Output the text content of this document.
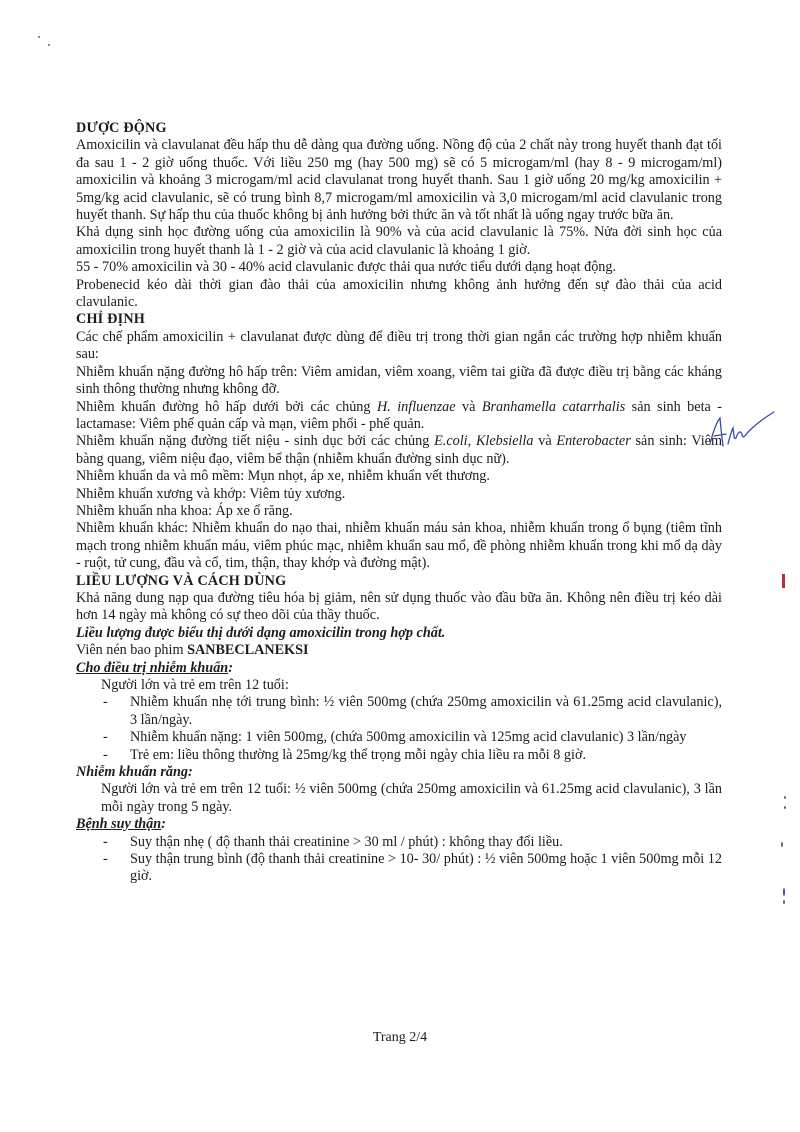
DƯỢC ĐỘNG

Amoxicilin và clavulanat đều hấp thu dễ dàng qua đường uống. Nồng độ của 2 chất này trong huyết thanh đạt tối đa sau 1 - 2 giờ uống thuốc. Với liều 250 mg (hay 500 mg) sẽ có 5 microgam/ml (hay 8 - 9 microgam/ml) amoxicilin và khoảng 3 microgam/ml acid clavulanat trong huyết thanh. Sau 1 giờ uống 20 mg/kg amoxicilin + 5mg/kg acid clavulanic, sẽ có trung bình 8,7 microgam/ml amoxicilin và 3,0 microgam/ml acid clavulanic trong huyết thanh. Sự hấp thu của thuốc không bị ảnh hưởng bởi thức ăn và tốt nhất là uống ngay trước bữa ăn.

Khả dụng sinh học đường uống của amoxicilin là 90% và của acid clavulanic là 75%. Nửa đời sinh học của amoxicilin trong huyết thanh là 1 - 2 giờ và của acid clavulanic là khoảng 1 giờ.

55 - 70% amoxicilin và 30 - 40% acid clavulanic được thải qua nước tiểu dưới dạng hoạt động.

Probenecid kéo dài thời gian đào thải của amoxicilin nhưng không ảnh hưởng đến sự đào thải của acid clavulanic.

CHỈ ĐỊNH

Các chế phẩm amoxicilin + clavulanat được dùng để điều trị trong thời gian ngắn các trường hợp nhiễm khuẩn sau:

Nhiễm khuẩn nặng đường hô hấp trên: Viêm amidan, viêm xoang, viêm tai giữa đã được điều trị bằng các kháng sinh thông thường nhưng không đỡ.

Nhiễm khuẩn đường hô hấp dưới bởi các chủng H. influenzae và Branhamella catarrhalis sản sinh beta - lactamase: Viêm phế quản cấp và mạn, viêm phổi - phế quản.

Nhiễm khuẩn nặng đường tiết niệu - sinh dục bởi các chủng E.coli, Klebsiella và Enterobacter sản sinh: Viêm bàng quang, viêm niệu đạo, viêm bể thận (nhiễm khuẩn đường sinh dục nữ).

Nhiễm khuẩn da và mô mềm: Mụn nhọt, áp xe, nhiễm khuẩn vết thương.

Nhiễm khuẩn xương và khớp: Viêm tủy xương.

Nhiễm khuẩn nha khoa: Áp xe ổ răng.

Nhiễm khuẩn khác: Nhiễm khuẩn do nạo thai, nhiễm khuẩn máu sản khoa, nhiễm khuẩn trong ổ bụng (tiêm tĩnh mạch trong nhiễm khuẩn máu, viêm phúc mạc, nhiễm khuẩn sau mổ, đề phòng nhiễm khuẩn trong khi mổ dạ dày - ruột, tử cung, đầu và cổ, tim, thận, thay khớp và đường mật).

LIỀU LƯỢNG VÀ CÁCH DÙNG

Khả năng dung nạp qua đường tiêu hóa bị giảm, nên sử dụng thuốc vào đầu bữa ăn. Không nên điều trị kéo dài hơn 14 ngày mà không có sự theo dõi của thầy thuốc.

Liều lượng được biểu thị dưới dạng amoxicilin trong hợp chất.

Viên nén bao phim SANBECLANEKSI

Cho điều trị nhiễm khuẩn:

Người lớn và trẻ em trên 12 tuổi:

- Nhiễm khuẩn nhẹ tới trung bình: ½ viên 500mg (chứa 250mg amoxicilin và 61.25mg acid clavulanic), 3 lần/ngày.
- Nhiễm khuẩn nặng: 1 viên 500mg, (chứa 500mg amoxicilin và 125mg acid clavulanic) 3 lần/ngày
- Trẻ em: liều thông thường là 25mg/kg thể trọng mỗi ngày chia liều ra mỗi 8 giờ.

Nhiễm khuẩn răng:

Người lớn và trẻ em trên 12 tuổi: ½ viên 500mg (chứa 250mg amoxicilin và 61.25mg acid clavulanic), 3 lần mỗi ngày trong 5 ngày.

Bệnh suy thận:

- Suy thận nhẹ ( độ thanh thải creatinine > 30 ml / phút) : không thay đổi liều.
- Suy thận trung bình (độ thanh thải creatinine > 10- 30/ phút) : ½ viên 500mg hoặc 1 viên 500mg mỗi 12 giờ.
Trang 2/4
